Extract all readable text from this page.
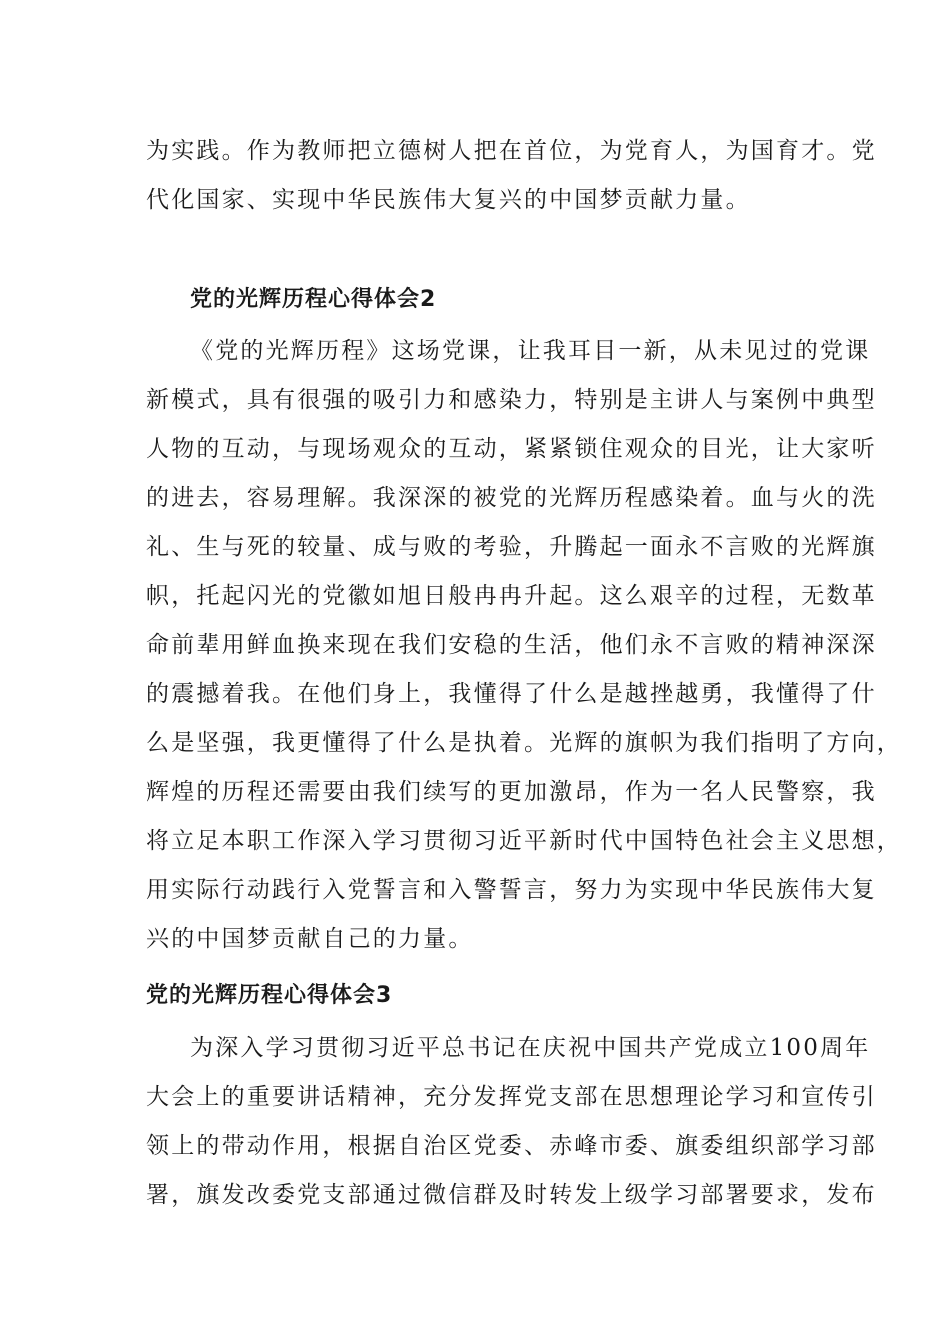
为实践。作为教师把立德树人把在首位，为党育人，为国育才。党
代化国家、实现中华民族伟大复兴的中国梦贡献力量。
党的光辉历程心得体会2
《党的光辉历程》这场党课，让我耳目一新，从未见过的党课
新模式，具有很强的吸引力和感染力，特别是主讲人与案例中典型
人物的互动，与现场观众的互动，紧紧锁住观众的目光，让大家听
的进去，容易理解。我深深的被党的光辉历程感染着。血与火的洗
礼、生与死的较量、成与败的考验，升腾起一面永不言败的光辉旗
帜，托起闪光的党徽如旭日般冉冉升起。这么艰辛的过程，无数革
命前辈用鲜血换来现在我们安稳的生活，他们永不言败的精神深深
的震撼着我。在他们身上，我懂得了什么是越挫越勇，我懂得了什
么是坚强，我更懂得了什么是执着。光辉的旗帜为我们指明了方向，
辉煌的历程还需要由我们续写的更加激昂，作为一名人民警察，我
将立足本职工作深入学习贯彻习近平新时代中国特色社会主义思想，
用实际行动践行入党誓言和入警誓言，努力为实现中华民族伟大复
兴的中国梦贡献自己的力量。
党的光辉历程心得体会3
为深入学习贯彻习近平总书记在庆祝中国共产党成立100周年
大会上的重要讲话精神，充分发挥党支部在思想理论学习和宣传引
领上的带动作用，根据自治区党委、赤峰市委、旗委组织部学习部
署，旗发改委党支部通过微信群及时转发上级学习部署要求，发布
